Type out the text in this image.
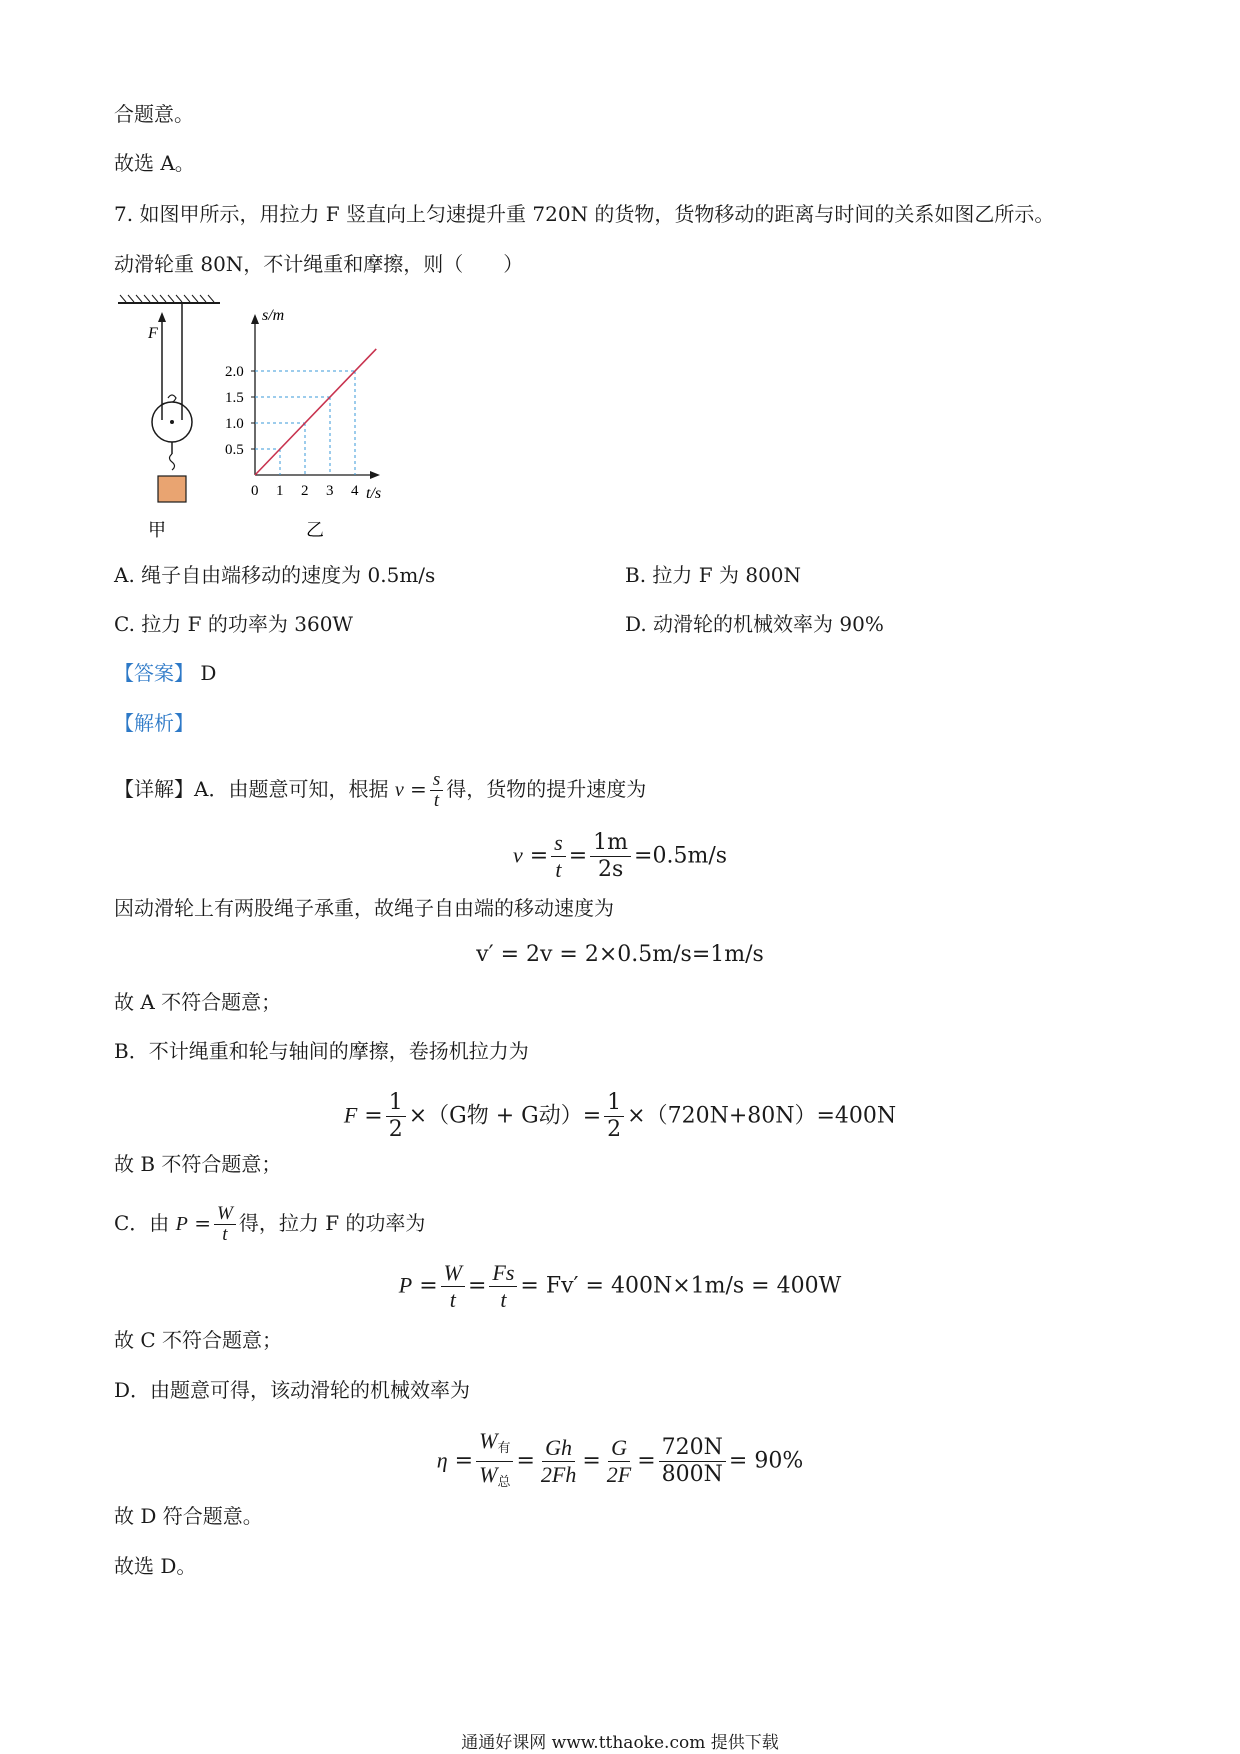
合题意。
故选 A。
7. 如图甲所示，用拉力 F 竖直向上匀速提升重 720N 的货物，货物移动的距离与时间的关系如图乙所示。
动滑轮重 80N，不计绳重和摩擦，则（　　）
F
甲
s/m
t/s
0 1 2 3 4
0.5
1.0
1.5
2.0
乙
A. 绳子自由端移动的速度为 0.5m/s	B. 拉力 F 为 800N
C. 拉力 F 的功率为 360W	D. 动滑轮的机械效率为 90%
【答案】 D
【解析】
【详解】A．由题意可知，根据 $v = \frac{s}{t}$ 得，货物的提升速度为
$v = \frac{s}{t} = \frac{1m}{2s} =0.5m/s$
因动滑轮上有两股绳子承重，故绳子自由端的移动速度为
v′ = 2v = 2×0.5m/s=1m/s
故 A 不符合题意；
B．不计绳重和轮与轴间的摩擦，卷扬机拉力为
$F = \frac{1}{2} \times(G$物 + G动）= $\frac{1}{2} \times(720N+80N)=400N$
故 B 不符合题意；
C．由 $P = \frac{W}{t}$ 得，拉力 F 的功率为
$P = \frac{W}{t} = \frac{Fs}{t} = Fv' = 400N\times 1m/s = 400W$
故 C 不符合题意；
D．由题意可得，该动滑轮的机械效率为
$\eta = \frac{W_有}{W_总} = \frac{Gh}{2Fh} = \frac{G}{2F} = \frac{720N}{800N} = 90\%$
故 D 符合题意。
故选 D。
通通好课网 www.tthaoke.com 提供下载
